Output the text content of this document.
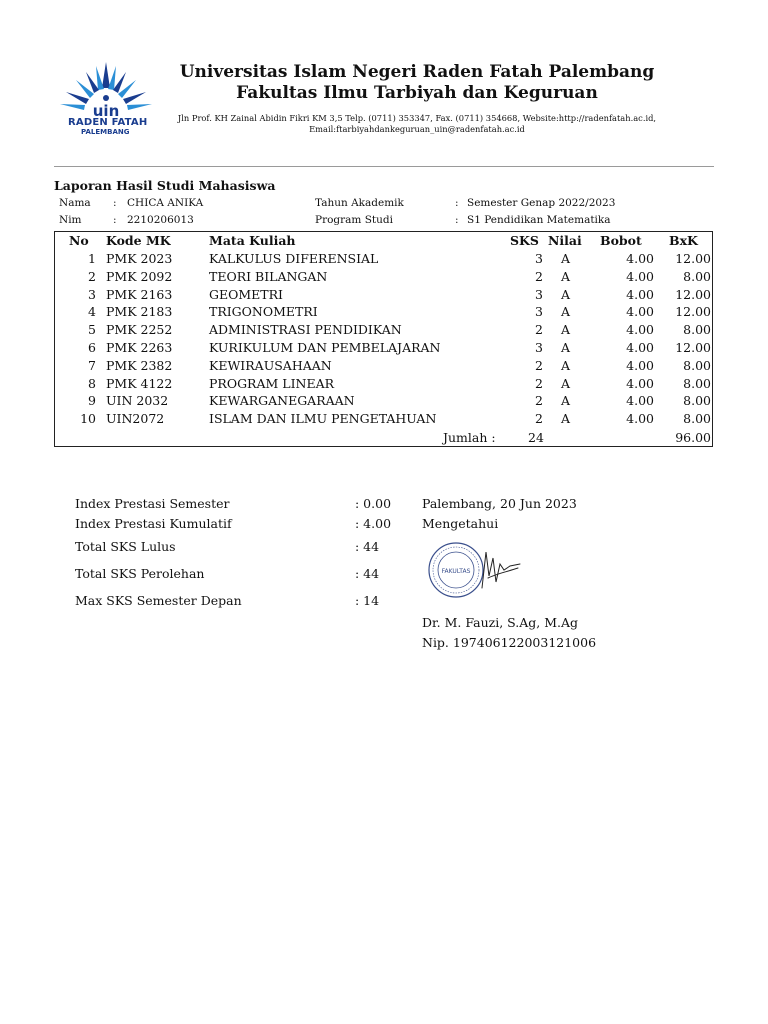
uin
RADEN FATAH
PALEMBANG
Universitas Islam Negeri Raden Fatah Palembang
Fakultas Ilmu Tarbiyah dan Keguruan
Jln Prof. KH Zainal Abidin Fikri KM 3,5 Telp. (0711) 353347, Fax. (0711) 354668, Website:http://radenfatah.ac.id,
Email:ftarbiyahdankeguruan_uin@radenfatah.ac.id
Laporan Hasil Studi Mahasiswa
Nama : CHICA ANIKA	Tahun Akademik	: Semester Genap 2022/2023
Nim	: 2210206013	Program Studi	: S1 Pendidikan Matematika
No Kode MK	Mata Kuliah	SKS Nilai Bobot BxK
1 PMK 2023	KALKULUS DIFERENSIAL	3 A	4.00	12.00
2 PMK 2092	TEORI BILANGAN	2 A	4.00	8.00
3 PMK 2163	GEOMETRI	3 A	4.00	12.00
4 PMK 2183	TRIGONOMETRI	3 A	4.00	12.00
5 PMK 2252	ADMINISTRASI PENDIDIKAN	2 A	4.00	8.00
6 PMK 2263	KURIKULUM DAN PEMBELAJARAN	3 A	4.00	12.00
7 PMK 2382	KEWIRAUSAHAAN	2 A	4.00	8.00
8 PMK 4122	PROGRAM LINEAR	2 A	4.00	8.00
9 UIN 2032	KEWARGANEGARAAN	2 A	4.00	8.00
10 UIN2072	ISLAM DAN ILMU PENGETAHUAN	2 A	4.00	8.00
Jumlah :	24	96.00
Index Prestasi Semester	: 0.00
Index Prestasi Kumulatif	: 4.00
Total SKS Lulus	: 44
Total SKS Perolehan	: 44
Max SKS Semester Depan	: 14
Palembang, 20 Jun 2023
Mengetahui
FAKULTAS
Dr. M. Fauzi, S.Ag, M.Ag
Nip. 197406122003121006
